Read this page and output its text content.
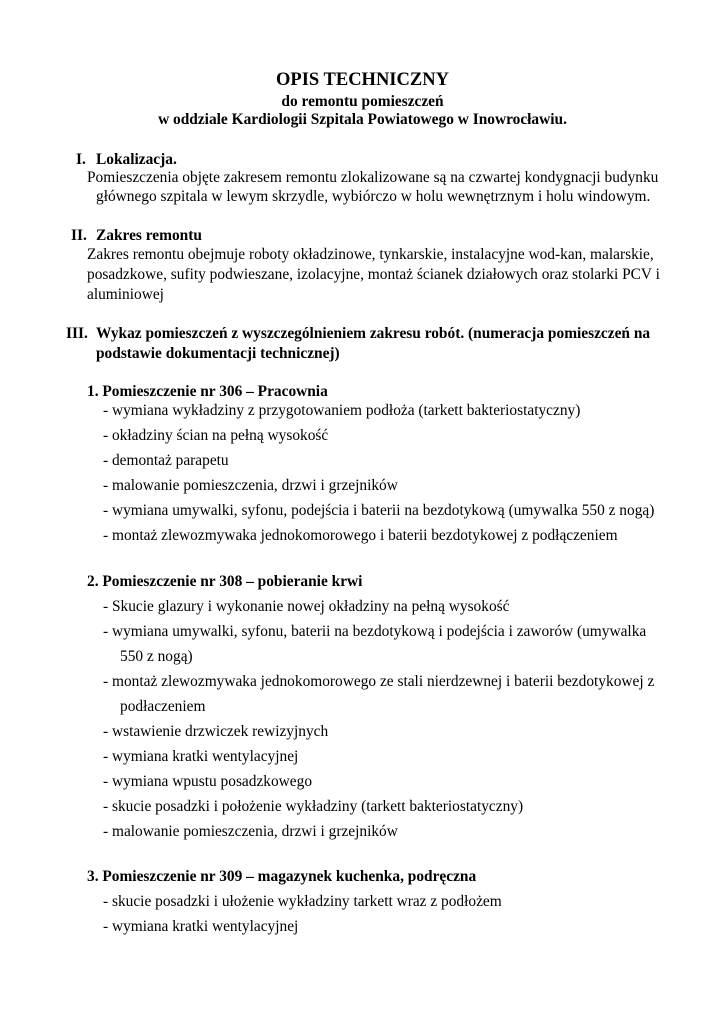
OPIS TECHNICZNY
do remontu pomieszczeń
w oddziale Kardiologii Szpitala Powiatowego w Inowrocławiu.
I. Lokalizacja.
Pomieszczenia objęte zakresem remontu zlokalizowane są na czwartej kondygnacji budynku
głównego szpitala w lewym skrzydle, wybiórczo w holu wewnętrznym i holu windowym.
II. Zakres remontu
Zakres remontu obejmuje roboty okładzinowe, tynkarskie, instalacyjne wod-kan, malarskie,
posadzkowe, sufity podwieszane, izolacyjne, montaż ścianek działowych oraz stolarki PCV i
aluminiowej
III. Wykaz pomieszczeń z wyszczególnieniem zakresu robót. (numeracja pomieszczeń na
podstawie dokumentacji technicznej)
1. Pomieszczenie nr 306 – Pracownia
- wymiana wykładziny z przygotowaniem podłoża (tarkett bakteriostatyczny)
- okładziny ścian na pełną wysokość
- demontaż parapetu
- malowanie pomieszczenia, drzwi i grzejników
- wymiana umywalki, syfonu, podejścia i baterii na bezdotykową (umywalka 550 z nogą)
- montaż zlewozmywaka jednokomorowego i baterii bezdotykowej z podłączeniem
2. Pomieszczenie nr 308 – pobieranie krwi
- Skucie glazury i wykonanie nowej okładziny na pełną wysokość
- wymiana umywalki, syfonu, baterii na bezdotykową i podejścia i zaworów (umywalka
550 z nogą)
- montaż zlewozmywaka jednokomorowego ze stali nierdzewnej i baterii bezdotykowej z
podłaczeniem
- wstawienie drzwiczek rewizyjnych
- wymiana kratki wentylacyjnej
- wymiana wpustu posadzkowego
- skucie posadzki i położenie wykładziny (tarkett bakteriostatyczny)
- malowanie pomieszczenia, drzwi i grzejników
3. Pomieszczenie nr 309 – magazynek kuchenka, podręczna
- skucie posadzki i ułożenie wykładziny tarkett wraz z podłożem
- wymiana kratki wentylacyjnej
